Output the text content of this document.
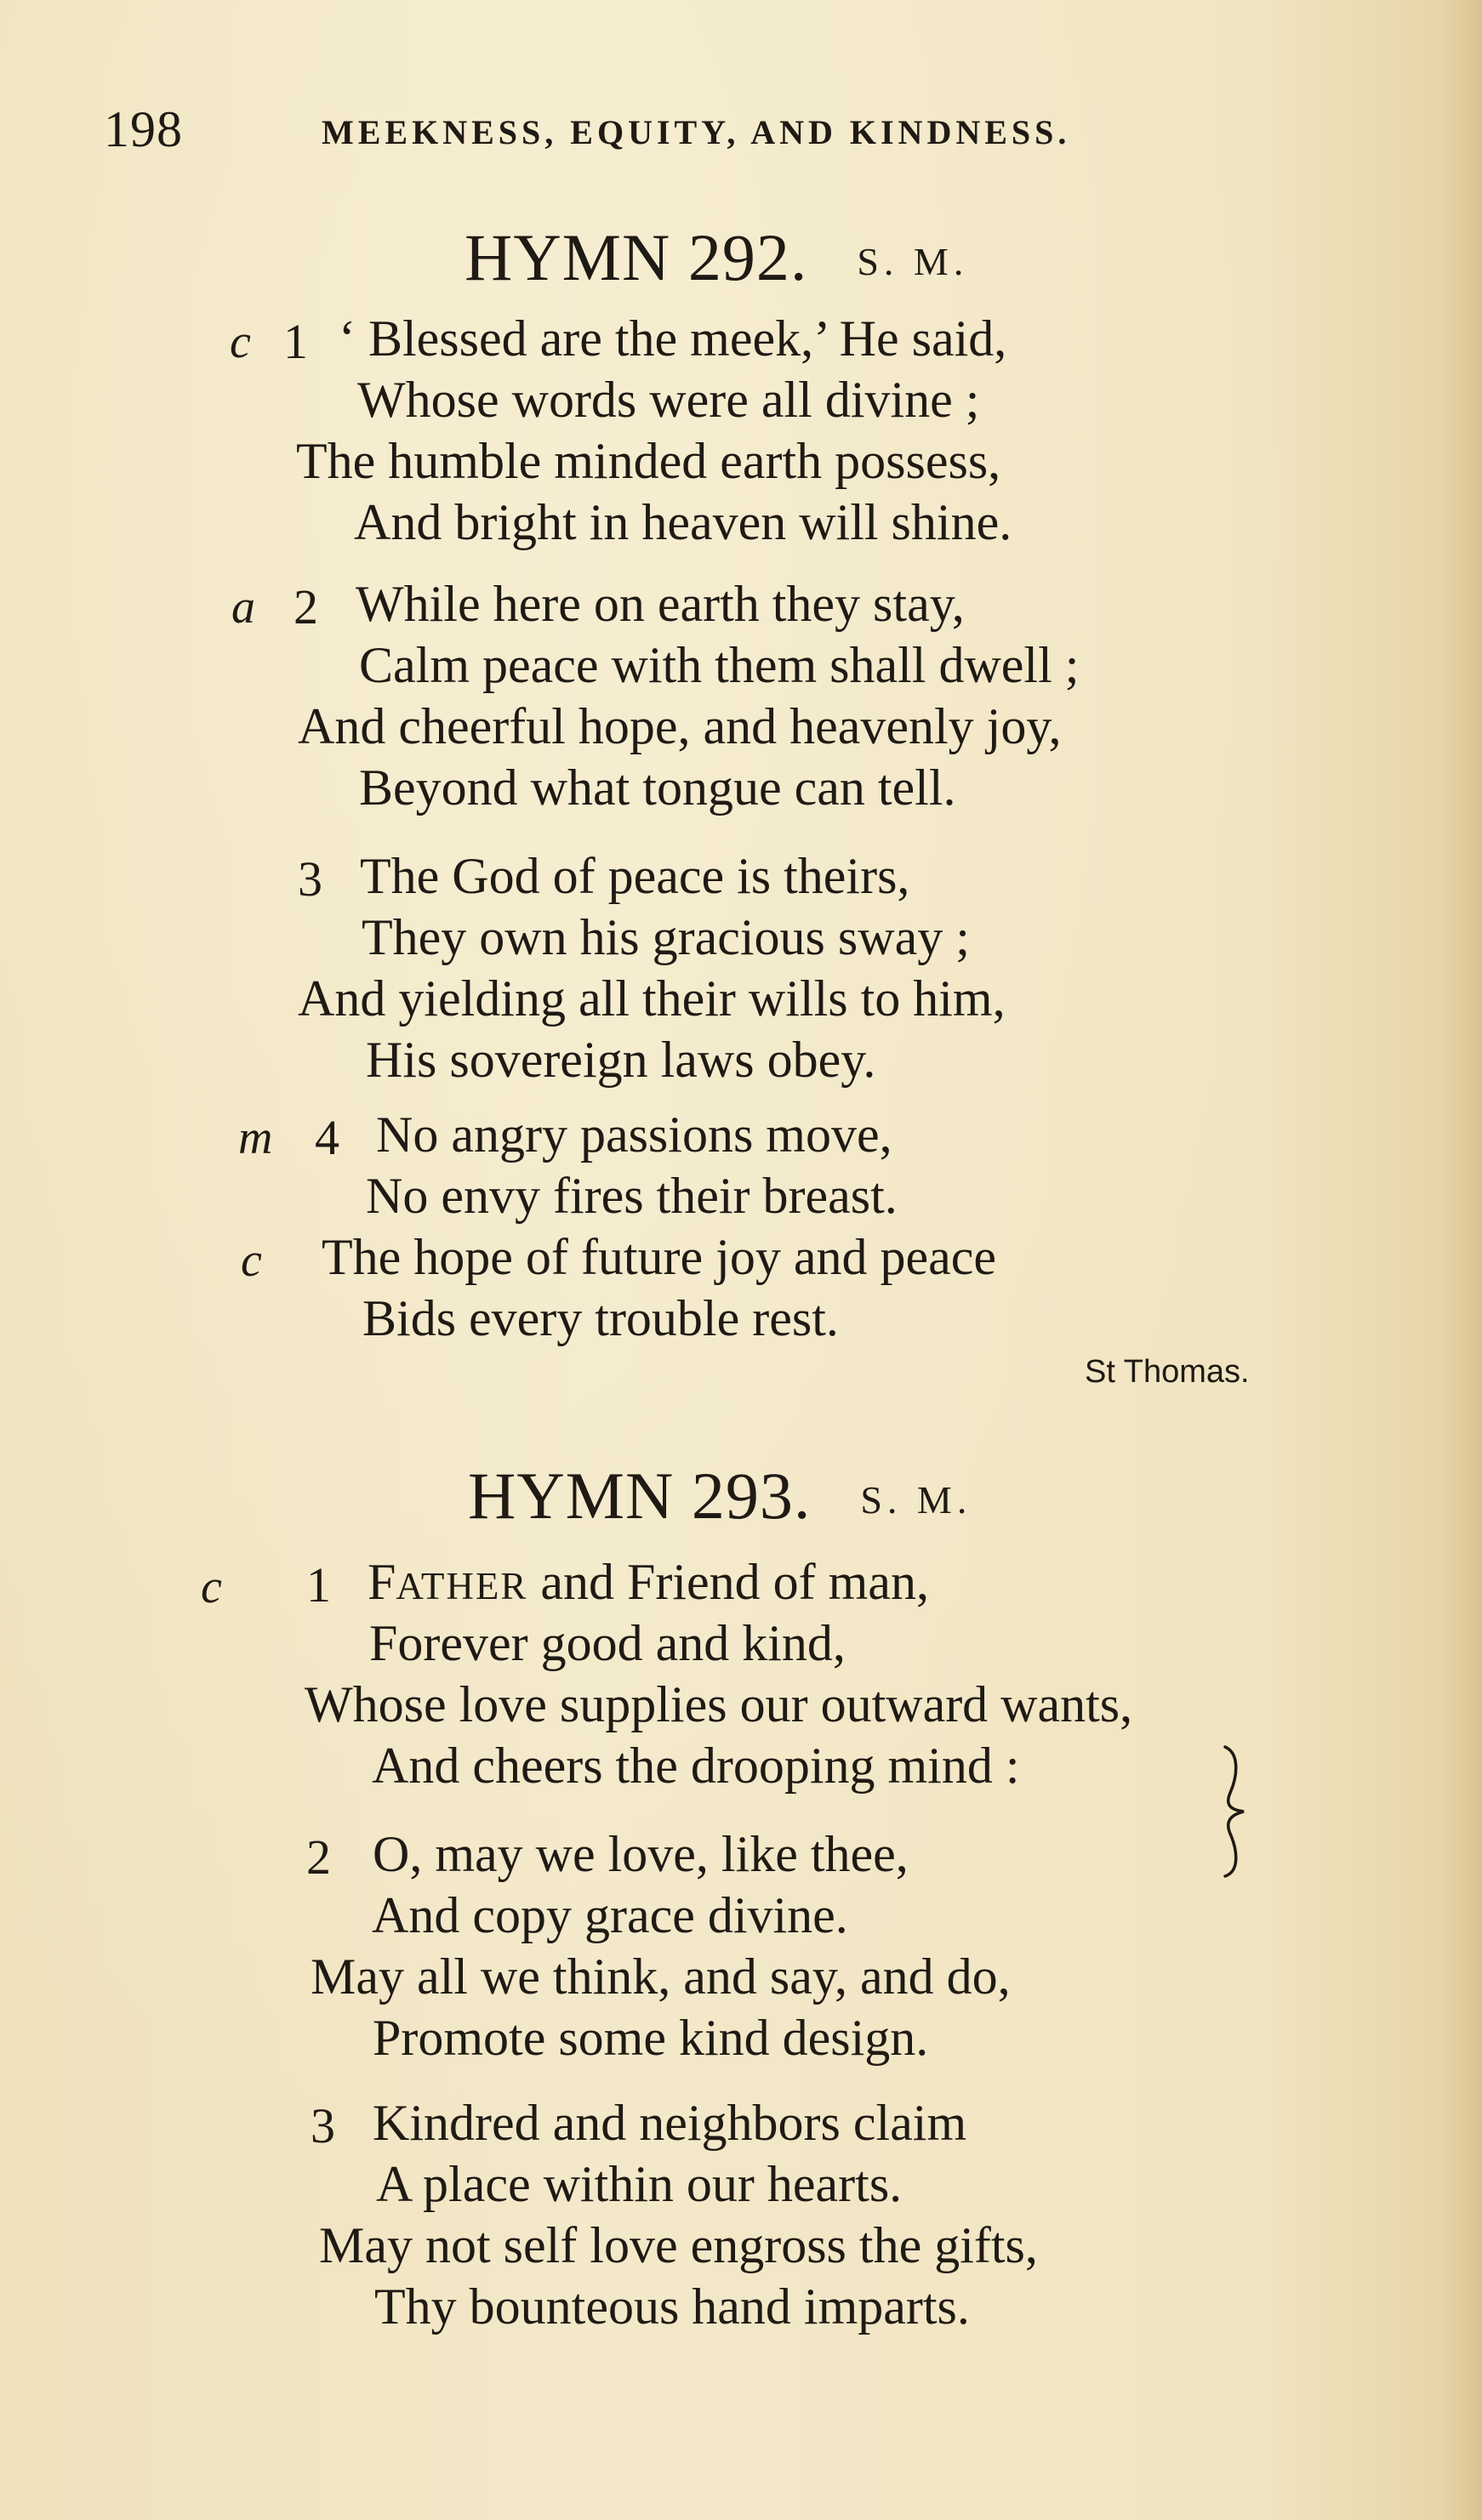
198	MEEKNESS, EQUITY, AND KINDNESS.
HYMN 292. S. M.
c 1 ‘ Blessed are the meek,’ He said,
Whose words were all divine ;
The humble minded earth possess,
And bright in heaven will shine.
a 2 While here on earth they stay,
Calm peace with them shall dwell ;
And cheerful hope, and heavenly joy,
Beyond what tongue can tell.
3 The God of peace is theirs,
They own his gracious sway ;
And yielding all their wills to him,
His sovereign laws obey.
m 4 No angry passions move,
No envy fires their breast.
c The hope of future joy and peace
Bids every trouble rest.
St Thomas.
HYMN 293. S. M.
c 1 FATHER and Friend of man,
Forever good and kind,
Whose love supplies our outward wants,
And cheers the drooping mind :
2 O, may we love, like thee,
And copy grace divine.
May all we think, and say, and do,
Promote some kind design.
3 Kindred and neighbors claim
A place within our hearts.
May not self love engross the gifts,
Thy bounteous hand imparts.
